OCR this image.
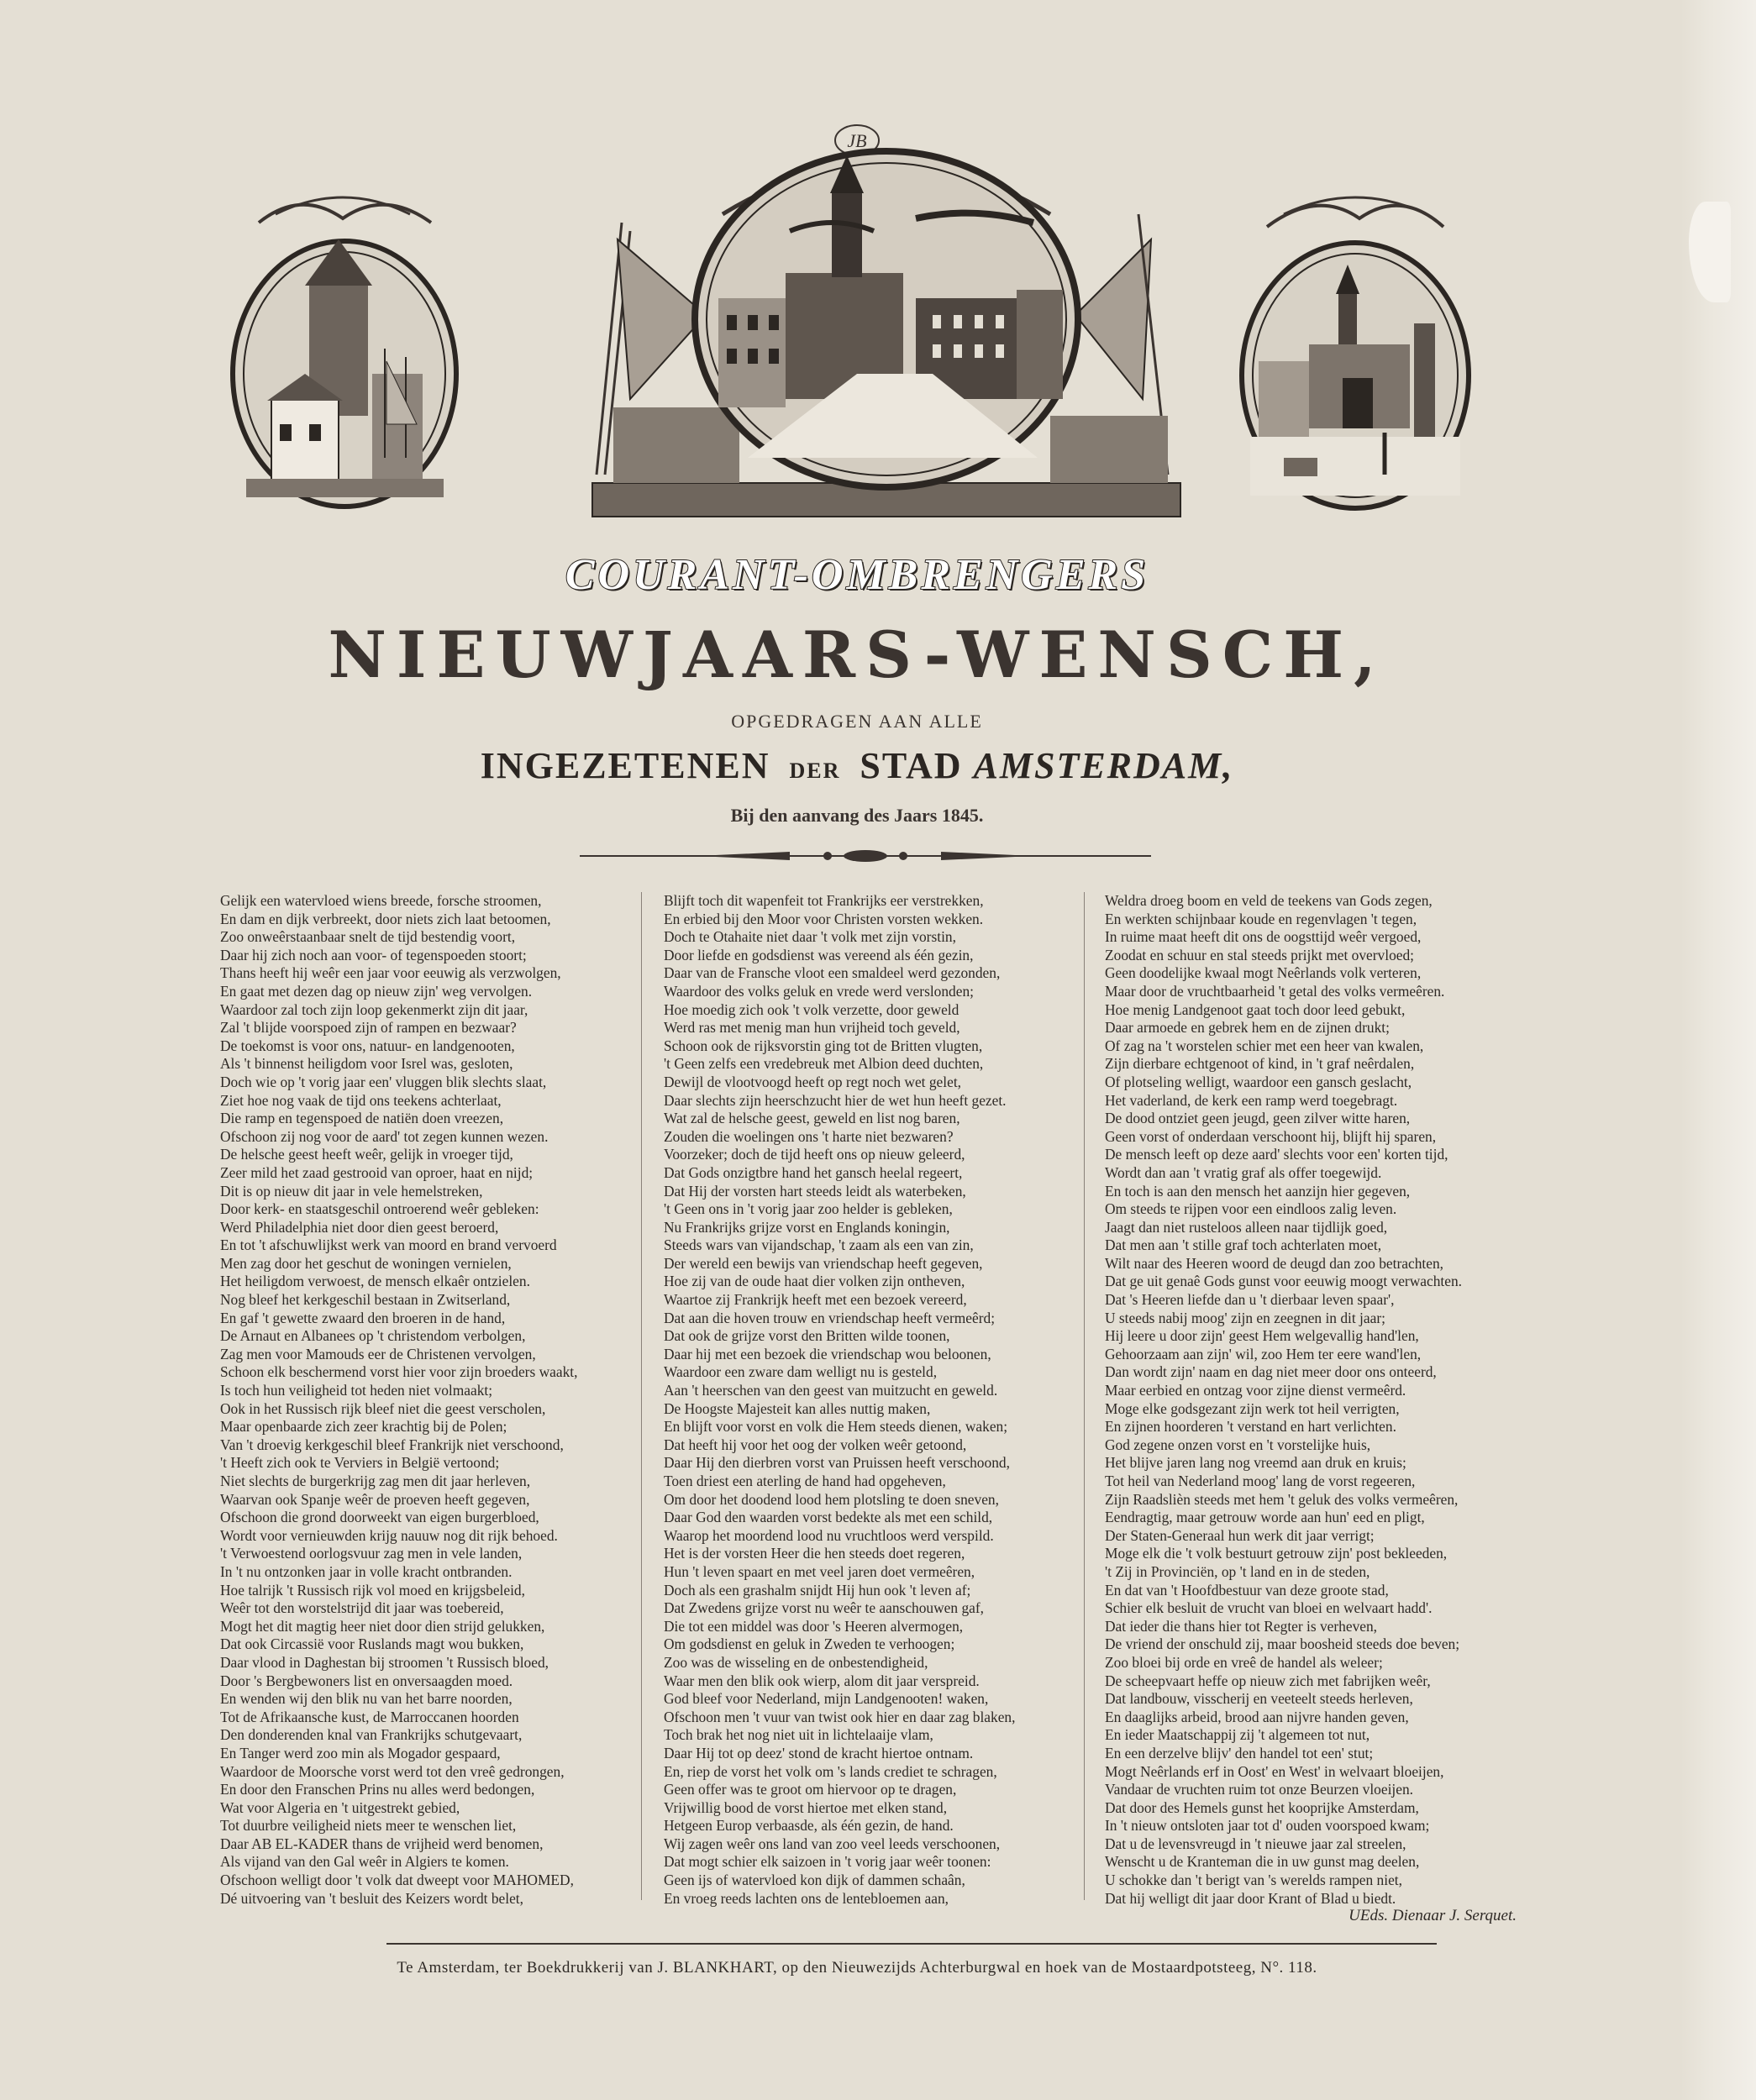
JB
COURANT-OMBRENGERS
NIEUWJAARS-WENSCH,
OPGEDRAGEN AAN ALLE
INGEZETENEN DER STAD AMSTERDAM,
Bij den aanvang des Jaars 1845.
Gelijk een watervloed wiens breede, forsche stroomen,
En dam en dijk verbreekt, door niets zich laat betoomen,
Zoo onweêrstaanbaar snelt de tijd bestendig voort,
Daar hij zich noch aan voor- of tegenspoeden stoort;
Thans heeft hij weêr een jaar voor eeuwig als verzwolgen,
En gaat met dezen dag op nieuw zijn' weg vervolgen.
Waardoor zal toch zijn loop gekenmerkt zijn dit jaar,
Zal 't blijde voorspoed zijn of rampen en bezwaar?
De toekomst is voor ons, natuur- en landgenooten,
Als 't binnenst heiligdom voor Isrel was, gesloten,
Doch wie op 't vorig jaar een' vluggen blik slechts slaat,
Ziet hoe nog vaak de tijd ons teekens achterlaat,
Die ramp en tegenspoed de natiën doen vreezen,
Ofschoon zij nog voor de aard' tot zegen kunnen wezen.
De helsche geest heeft weêr, gelijk in vroeger tijd,
Zeer mild het zaad gestrooid van oproer, haat en nijd;
Dit is op nieuw dit jaar in vele hemelstreken,
Door kerk- en staatsgeschil ontroerend weêr gebleken:
Werd Philadelphia niet door dien geest beroerd,
En tot 't afschuwlijkst werk van moord en brand vervoerd
Men zag door het geschut de woningen vernielen,
Het heiligdom verwoest, de mensch elkaêr ontzielen.
Nog bleef het kerkgeschil bestaan in Zwitserland,
En gaf 't gewette zwaard den broeren in de hand,
De Arnaut en Albanees op 't christendom verbolgen,
Zag men voor Mamouds eer de Christenen vervolgen,
Schoon elk beschermend vorst hier voor zijn broeders waakt,
Is toch hun veiligheid tot heden niet volmaakt;
Ook in het Russisch rijk bleef niet die geest verscholen,
Maar openbaarde zich zeer krachtig bij de Polen;
Van 't droevig kerkgeschil bleef Frankrijk niet verschoond,
't Heeft zich ook te Verviers in België vertoond;
Niet slechts de burgerkrijg zag men dit jaar herleven,
Waarvan ook Spanje weêr de proeven heeft gegeven,
Ofschoon die grond doorweekt van eigen burgerbloed,
Wordt voor vernieuwden krijg nauuw nog dit rijk behoed.
't Verwoestend oorlogsvuur zag men in vele landen,
In 't nu ontzonken jaar in volle kracht ontbranden.
Hoe talrijk 't Russisch rijk vol moed en krijgsbeleid,
Weêr tot den worstelstrijd dit jaar was toebereid,
Mogt het dit magtig heer niet door dien strijd gelukken,
Dat ook Circassië voor Ruslands magt wou bukken,
Daar vlood in Daghestan bij stroomen 't Russisch bloed,
Door 's Bergbewoners list en onversaagden moed.
En wenden wij den blik nu van het barre noorden,
Tot de Afrikaansche kust, de Marroccanen hoorden
Den donderenden knal van Frankrijks schutgevaart,
En Tanger werd zoo min als Mogador gespaard,
Waardoor de Moorsche vorst werd tot den vreê gedrongen,
En door den Franschen Prins nu alles werd bedongen,
Wat voor Algeria en 't uitgestrekt gebied,
Tot duurbre veiligheid niets meer te wenschen liet,
Daar AB EL-KADER thans de vrijheid werd benomen,
Als vijand van den Gal weêr in Algiers te komen.
Ofschoon welligt door 't volk dat dweept voor MAHOMED,
Dé uitvoering van 't besluit des Keizers wordt belet,
Blijft toch dit wapenfeit tot Frankrijks eer verstrekken,
En erbied bij den Moor voor Christen vorsten wekken.
Doch te Otahaite niet daar 't volk met zijn vorstin,
Door liefde en godsdienst was vereend als één gezin,
Daar van de Fransche vloot een smaldeel werd gezonden,
Waardoor des volks geluk en vrede werd verslonden;
Hoe moedig zich ook 't volk verzette, door geweld
Werd ras met menig man hun vrijheid toch geveld,
Schoon ook de rijksvorstin ging tot de Britten vlugten,
't Geen zelfs een vredebreuk met Albion deed duchten,
Dewijl de vlootvoogd heeft op regt noch wet gelet,
Daar slechts zijn heerschzucht hier de wet hun heeft gezet.
Wat zal de helsche geest, geweld en list nog baren,
Zouden die woelingen ons 't harte niet bezwaren?
Voorzeker; doch de tijd heeft ons op nieuw geleerd,
Dat Gods onzigtbre hand het gansch heelal regeert,
Dat Hij der vorsten hart steeds leidt als waterbeken,
't Geen ons in 't vorig jaar zoo helder is gebleken,
Nu Frankrijks grijze vorst en Englands koningin,
Steeds wars van vijandschap, 't zaam als een van zin,
Der wereld een bewijs van vriendschap heeft gegeven,
Hoe zij van de oude haat dier volken zijn ontheven,
Waartoe zij Frankrijk heeft met een bezoek vereerd,
Dat aan die hoven trouw en vriendschap heeft vermeêrd;
Dat ook de grijze vorst den Britten wilde toonen,
Daar hij met een bezoek die vriendschap wou beloonen,
Waardoor een zware dam welligt nu is gesteld,
Aan 't heerschen van den geest van muitzucht en geweld.
De Hoogste Majesteit kan alles nuttig maken,
En blijft voor vorst en volk die Hem steeds dienen, waken;
Dat heeft hij voor het oog der volken weêr getoond,
Daar Hij den dierbren vorst van Pruissen heeft verschoond,
Toen driest een aterling de hand had opgeheven,
Om door het doodend lood hem plotsling te doen sneven,
Daar God den waarden vorst bedekte als met een schild,
Waarop het moordend lood nu vruchtloos werd verspild.
Het is der vorsten Heer die hen steeds doet regeren,
Hun 't leven spaart en met veel jaren doet vermeêren,
Doch als een grashalm snijdt Hij hun ook 't leven af;
Dat Zwedens grijze vorst nu weêr te aanschouwen gaf,
Die tot een middel was door 's Heeren alvermogen,
Om godsdienst en geluk in Zweden te verhoogen;
Zoo was de wisseling en de onbestendigheid,
Waar men den blik ook wierp, alom dit jaar verspreid.
God bleef voor Nederland, mijn Landgenooten! waken,
Ofschoon men 't vuur van twist ook hier en daar zag blaken,
Toch brak het nog niet uit in lichtelaaije vlam,
Daar Hij tot op deez' stond de kracht hiertoe ontnam.
En, riep de vorst het volk om 's lands crediet te schragen,
Geen offer was te groot om hiervoor op te dragen,
Vrijwillig bood de vorst hiertoe met elken stand,
Hetgeen Europ verbaasde, als één gezin, de hand.
Wij zagen weêr ons land van zoo veel leeds verschoonen,
Dat mogt schier elk saizoen in 't vorig jaar weêr toonen:
Geen ijs of watervloed kon dijk of dammen schaân,
En vroeg reeds lachten ons de lentebloemen aan,
Weldra droeg boom en veld de teekens van Gods zegen,
En werkten schijnbaar koude en regenvlagen 't tegen,
In ruime maat heeft dit ons de oogsttijd weêr vergoed,
Zoodat en schuur en stal steeds prijkt met overvloed;
Geen doodelijke kwaal mogt Neêrlands volk verteren,
Maar door de vruchtbaarheid 't getal des volks vermeêren.
Hoe menig Landgenoot gaat toch door leed gebukt,
Daar armoede en gebrek hem en de zijnen drukt;
Of zag na 't worstelen schier met een heer van kwalen,
Zijn dierbare echtgenoot of kind, in 't graf neêrdalen,
Of plotseling welligt, waardoor een gansch geslacht,
Het vaderland, de kerk een ramp werd toegebragt.
De dood ontziet geen jeugd, geen zilver witte haren,
Geen vorst of onderdaan verschoont hij, blijft hij sparen,
De mensch leeft op deze aard' slechts voor een' korten tijd,
Wordt dan aan 't vratig graf als offer toegewijd.
En toch is aan den mensch het aanzijn hier gegeven,
Om steeds te rijpen voor een eindloos zalig leven.
Jaagt dan niet rusteloos alleen naar tijdlijk goed,
Dat men aan 't stille graf toch achterlaten moet,
Wilt naar des Heeren woord de deugd dan zoo betrachten,
Dat ge uit genaê Gods gunst voor eeuwig moogt verwachten.
Dat 's Heeren liefde dan u 't dierbaar leven spaar',
U steeds nabij moog' zijn en zeegnen in dit jaar;
Hij leere u door zijn' geest Hem welgevallig hand'len,
Gehoorzaam aan zijn' wil, zoo Hem ter eere wand'len,
Dan wordt zijn' naam en dag niet meer door ons onteerd,
Maar eerbied en ontzag voor zijne dienst vermeêrd.
Moge elke godsgezant zijn werk tot heil verrigten,
En zijnen hoorderen 't verstand en hart verlichten.
God zegene onzen vorst en 't vorstelijke huis,
Het blijve jaren lang nog vreemd aan druk en kruis;
Tot heil van Nederland moog' lang de vorst regeeren,
Zijn Raadslièn steeds met hem 't geluk des volks vermeêren,
Eendragtig, maar getrouw worde aan hun' eed en pligt,
Der Staten-Generaal hun werk dit jaar verrigt;
Moge elk die 't volk bestuurt getrouw zijn' post bekleeden,
't Zij in Provinciën, op 't land en in de steden,
En dat van 't Hoofdbestuur van deze groote stad,
Schier elk besluit de vrucht van bloei en welvaart hadd'.
Dat ieder die thans hier tot Regter is verheven,
De vriend der onschuld zij, maar boosheid steeds doe beven;
Zoo bloei bij orde en vreê de handel als weleer;
De scheepvaart heffe op nieuw zich met fabrijken weêr,
Dat landbouw, visscherij en veeteelt steeds herleven,
En daaglijks arbeid, brood aan nijvre handen geven,
En ieder Maatschappij zij 't algemeen tot nut,
En een derzelve blijv' den handel tot een' stut;
Mogt Neêrlands erf in Oost' en West' in welvaart bloeijen,
Vandaar de vruchten ruim tot onze Beurzen vloeijen.
Dat door des Hemels gunst het kooprijke Amsterdam,
In 't nieuw ontsloten jaar tot d' ouden voorspoed kwam;
Dat u de levensvreugd in 't nieuwe jaar zal streelen,
Wenscht u de Kranteman die in uw gunst mag deelen,
U schokke dan 't berigt van 's werelds rampen niet,
Dat hij welligt dit jaar door Krant of Blad u biedt.
UEds. Dienaar J. Serquet.
Te Amsterdam, ter Boekdrukkerij van J. BLANKHART, op den Nieuwezijds Achterburgwal en hoek van de Mostaardpotsteeg, N°. 118.
